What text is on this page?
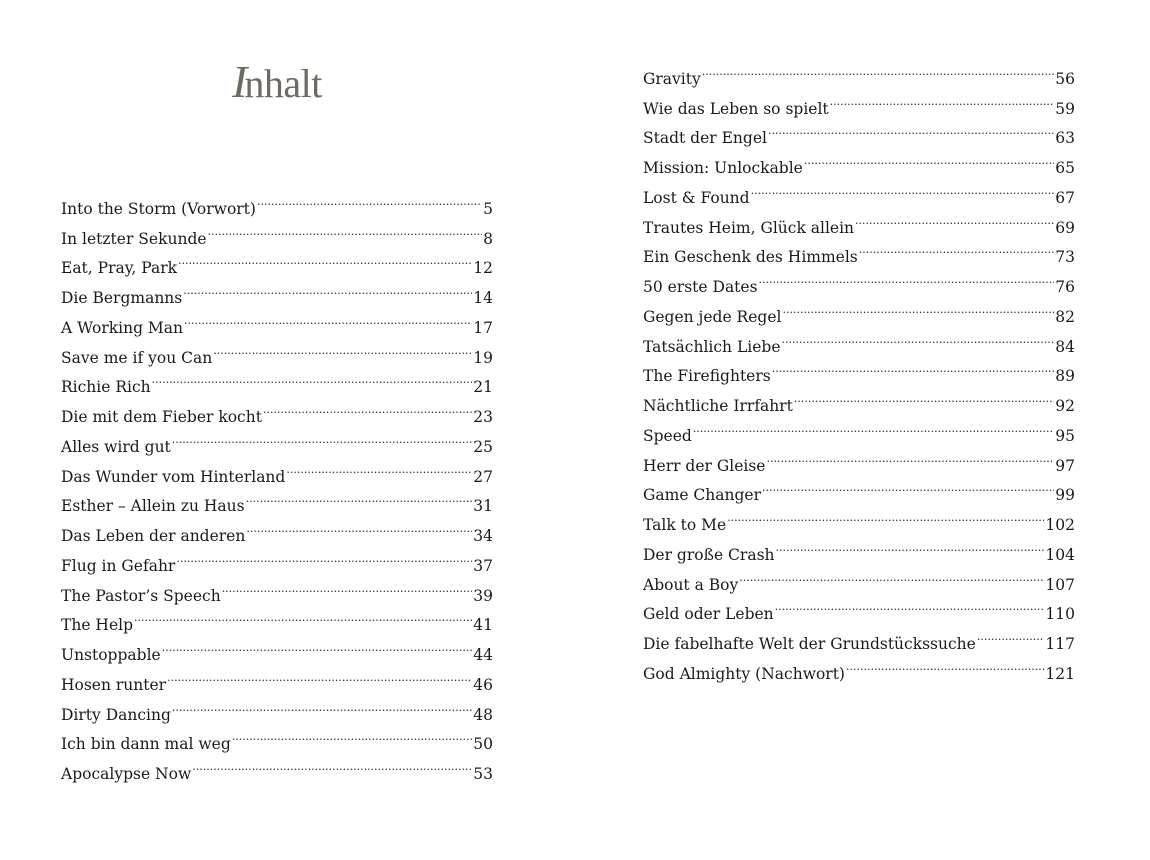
Inhalt
Into the Storm (Vorwort) .....	5
In letzter Sekunde .....	8
Eat, Pray, Park .....	12
Die Bergmanns .....	14
A Working Man .....	17
Save me if you Can .....	19
Richie Rich .....	21
Die mit dem Fieber kocht .....	23
Alles wird gut .....	25
Das Wunder vom Hinterland .....	27
Esther – Allein zu Haus .....	31
Das Leben der anderen .....	34
Flug in Gefahr .....	37
The Pastor’s Speech .....	39
The Help .....	41
Unstoppable .....	44
Hosen runter .....	46
Dirty Dancing .....	48
Ich bin dann mal weg .....	50
Apocalypse Now .....	53
Gravity .....	56
Wie das Leben so spielt .....	59
Stadt der Engel .....	63
Mission: Unlockable .....	65
Lost & Found .....	67
Trautes Heim, Glück allein .....	69
Ein Geschenk des Himmels .....	73
50 erste Dates .....	76
Gegen jede Regel .....	82
Tatsächlich Liebe .....	84
The Firefighters .....	89
Nächtliche Irrfahrt .....	92
Speed .....	95
Herr der Gleise .....	97
Game Changer .....	99
Talk to Me .....	102
Der große Crash .....	104
About a Boy .....	107
Geld oder Leben .....	110
Die fabelhafte Welt der Grundstückssuche .....	117
God Almighty (Nachwort) .....	121
